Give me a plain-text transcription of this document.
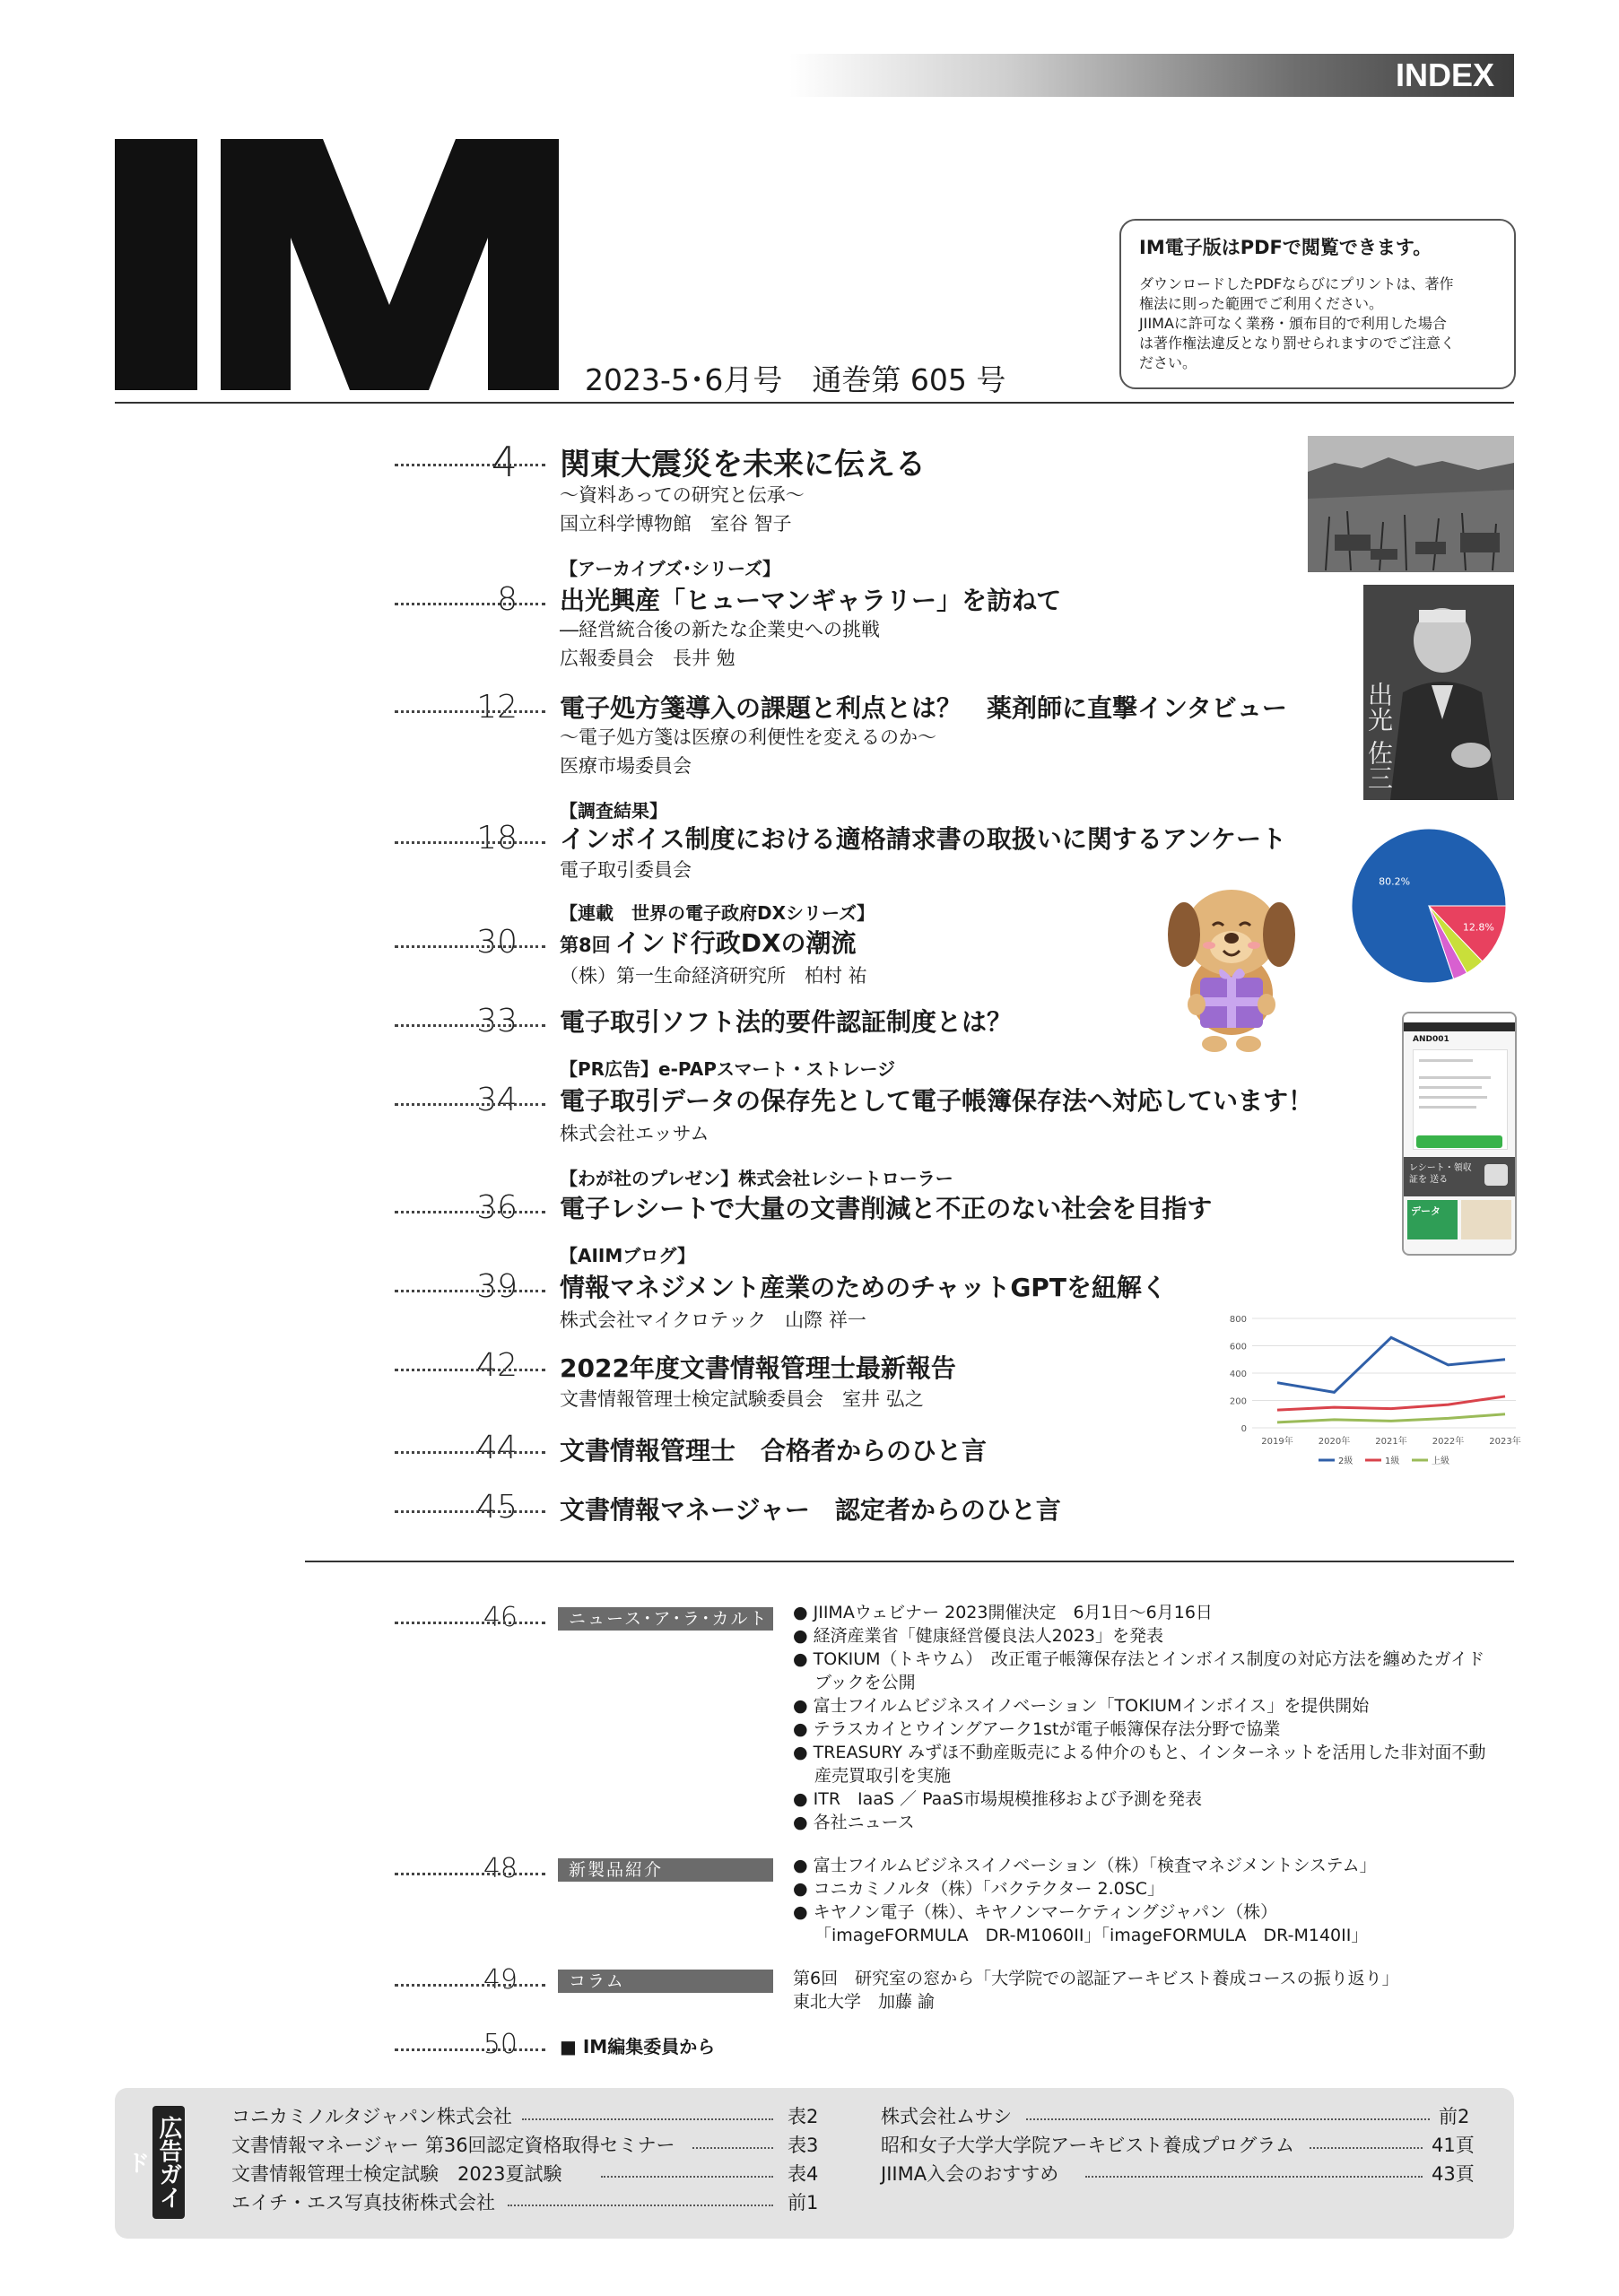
INDEX
2023-5･6月号　通巻第 605 号
IM電子版はPDFで閲覧できます。
ダウンロードしたPDFならびにプリントは、著作
権法に則った範囲でご利用ください。
JIIMAに許可なく業務・頒布目的で利用した場合
は著作権法違反となり罰せられますのでご注意く
ださい。
4 関東大震災を未来に伝える
～資料あっての研究と伝承～
国立科学博物館　室谷 智子
【アーカイブズ･シリーズ】
8 出光興産「ヒューマンギャラリー」を訪ねて
―経営統合後の新たな企業史への挑戦
広報委員会　長井 勉
12 電子処方箋導入の課題と利点とは？　薬剤師に直撃インタビュー
～電子処方箋は医療の利便性を変えるのか～
医療市場委員会
【調査結果】
18 インボイス制度における適格請求書の取扱いに関するアンケート
電子取引委員会
【連載　世界の電子政府DXシリーズ】
30 第8回 インド行政DXの潮流
（株）第一生命経済研究所　柏村 祐
33 電子取引ソフト法的要件認証制度とは？
【PR広告】e-PAPスマート・ストレージ
34 電子取引データの保存先として電子帳簿保存法へ対応しています！
株式会社エッサム
【わが社のプレゼン】株式会社レシートローラー
36 電子レシートで大量の文書削減と不正のない社会を目指す
【AIIMブログ】
39 情報マネジメント産業のためのチャットGPTを紐解く
株式会社マイクロテック　山際 祥一
42 2022年度文書情報管理士最新報告
文書情報管理士検定試験委員会　室井 弘之
44 文書情報管理士　合格者からのひと言
45 文書情報マネージャー　認定者からのひと言
出光 佐三
80.2%
12.8%
AND001
レシート・領収証を 送る
データ
0
200
400
600
800
2019年	2020年	2021年	2022年	2023年
2級	1級	上級
46	ニュース･ア･ラ･カルト ● JIIMAウェビナー 2023開催決定　6月1日～6月16日
● 経済産業省「健康経営優良法人2023」を発表
● TOKIUM（トキウム）　改正電子帳簿保存法とインボイス制度の対応方法を纏めたガイド
ブックを公開
● 富士フイルムビジネスイノベーション「TOKIUMインボイス」を提供開始
● テラスカイとウイングアーク1stが電子帳簿保存法分野で協業
● TREASURY みずほ不動産販売による仲介のもと、インターネットを活用した非対面不動
産売買取引を実施
● ITR　IaaS ／ PaaS市場規模推移および予測を発表
● 各社ニュース
48	新製品紹介	● 富士フイルムビジネスイノベーション（株）「検査マネジメントシステム」
● コニカミノルタ（株）「バクテクター 2.0SC」
● キヤノン電子（株）、キヤノンマーケティングジャパン（株）
「imageFORMULA　DR-M1060II」「imageFORMULA　DR-M140II」
49	コラム	第6回　研究室の窓から「大学院での認証アーキビスト養成コースの振り返り」
東北大学　加藤 諭
50 ■ IM編集委員から
広告ガイド
コニカミノルタジャパン株式会社	表2
文書情報マネージャー 第36回認定資格取得セミナー	表3
文書情報管理士検定試験　2023夏試験	表4
エイチ・エス写真技術株式会社	前1
株式会社ムサシ	前2
昭和女子大学大学院アーキビスト養成プログラム	41頁
JIIMA入会のおすすめ	43頁
